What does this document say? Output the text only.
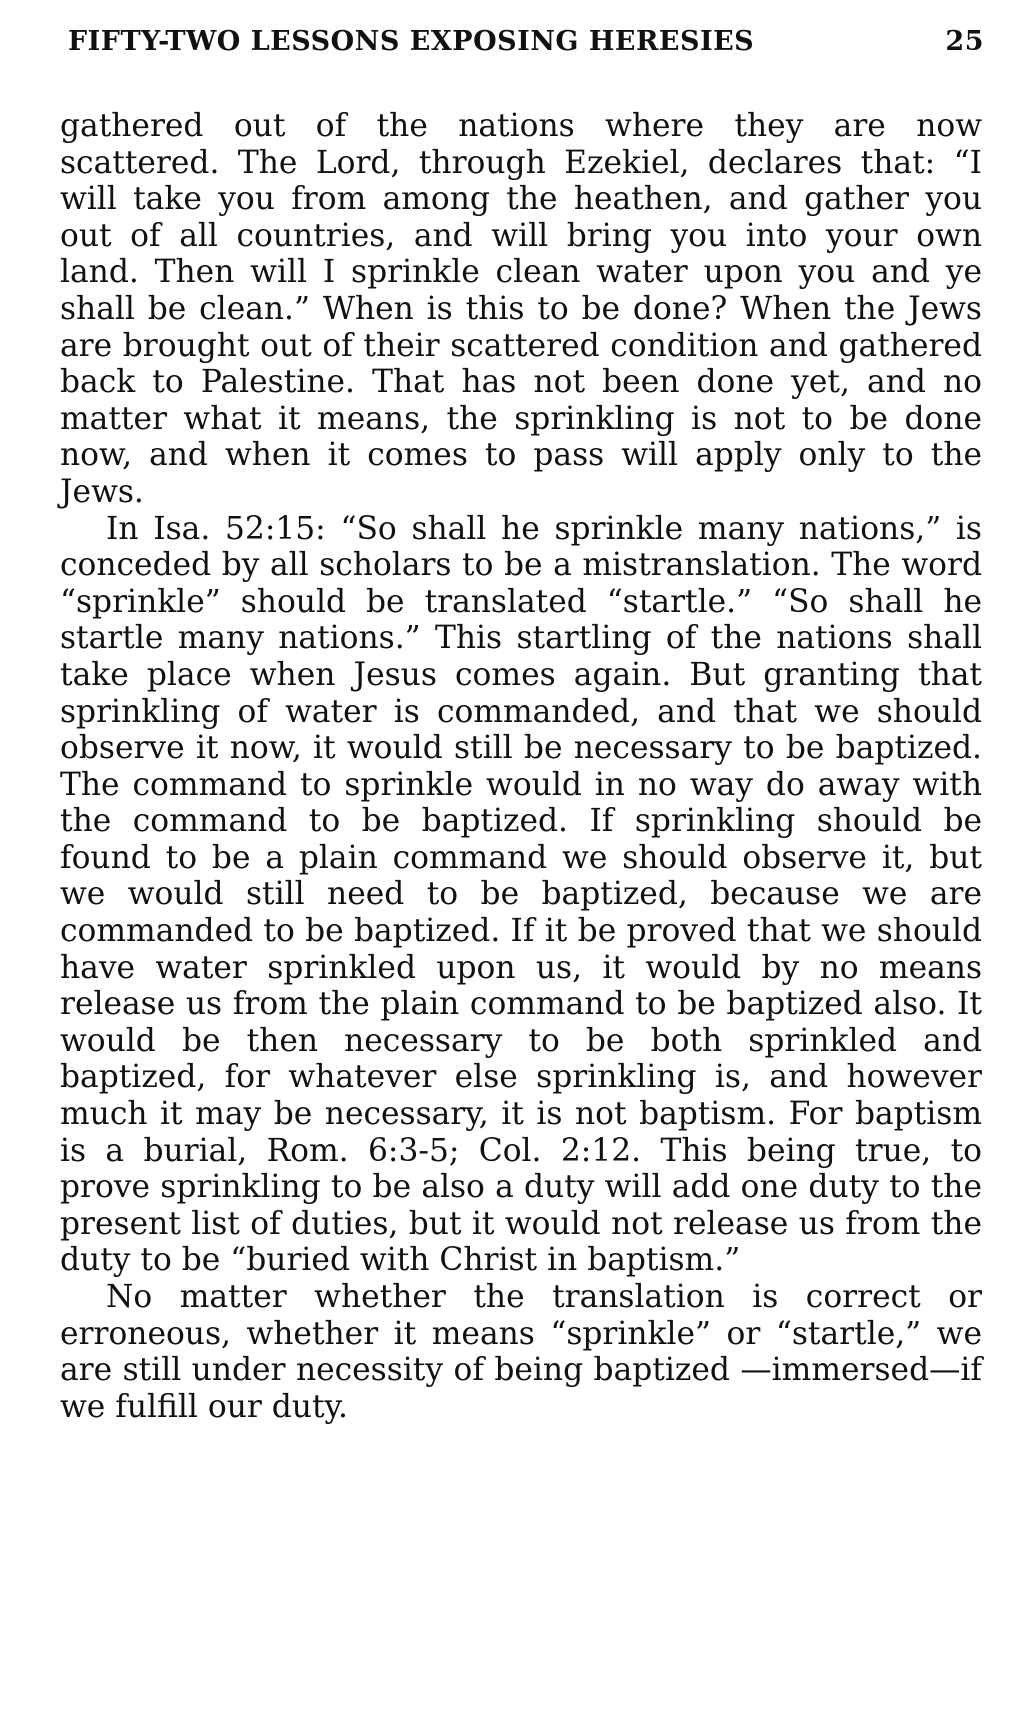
FIFTY-TWO LESSONS EXPOSING HERESIES	25

gathered out of the nations where they are now scattered. The Lord, through Ezekiel, declares that: “I will take you from among the heathen, and gather you out of all countries, and will bring you into your own land. Then will I sprinkle clean water upon you and ye shall be clean.” When is this to be done? When the Jews are brought out of their scattered condition and gathered back to Palestine. That has not been done yet, and no matter what it means, the sprinkling is not to be done now, and when it comes to pass will apply only to the Jews.

In Isa. 52:15: “So shall he sprinkle many nations,” is conceded by all scholars to be a mistranslation. The word “sprinkle” should be translated “startle.” “So shall he startle many nations.” This startling of the nations shall take place when Jesus comes again. But granting that sprinkling of water is commanded, and that we should observe it now, it would still be necessary to be baptized. The command to sprinkle would in no way do away with the command to be baptized. If sprinkling should be found to be a plain command we should observe it, but we would still need to be baptized, because we are commanded to be baptized. If it be proved that we should have water sprinkled upon us, it would by no means release us from the plain command to be baptized also. It would be then necessary to be both sprinkled and baptized, for whatever else sprinkling is, and however much it may be necessary, it is not baptism. For baptism is a burial, Rom. 6:3-5; Col. 2:12. This being true, to prove sprinkling to be also a duty will add one duty to the present list of duties, but it would not release us from the duty to be “buried with Christ in baptism.”

No matter whether the translation is correct or erroneous, whether it means “sprinkle” or “startle,” we are still under necessity of being baptized —immersed—if we fulfill our duty.
